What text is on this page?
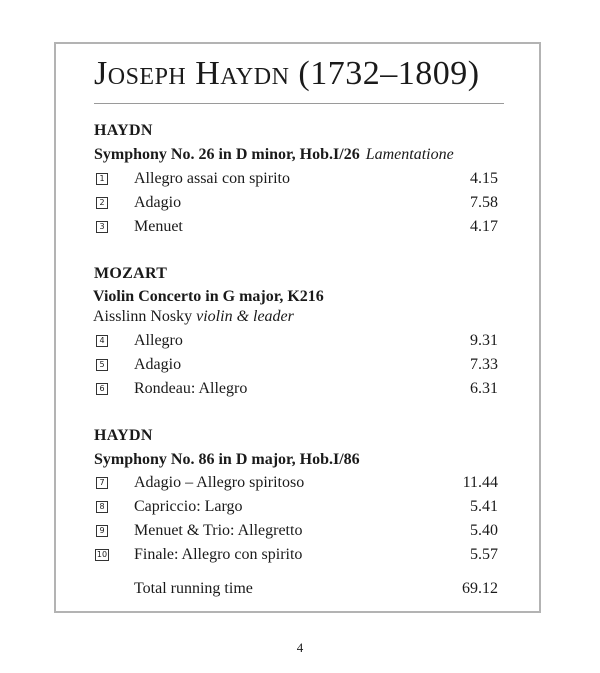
Joseph Haydn (1732–1809)
HAYDN
Symphony No. 26 in D minor, Hob.I/26 Lamentatione
1 Allegro assai con spirito	4.15
2 Adagio	7.58
3 Menuet	4.17
MOZART
Violin Concerto in G major, K216
Aisslinn Nosky violin & leader
4 Allegro	9.31
5 Adagio	7.33
6 Rondeau: Allegro	6.31
HAYDN
Symphony No. 86 in D major, Hob.I/86
7 Adagio – Allegro spiritoso	11.44
8 Capriccio: Largo	5.41
9 Menuet & Trio: Allegretto	5.40
10 Finale: Allegro con spirito	5.57
Total running time	69.12
4
